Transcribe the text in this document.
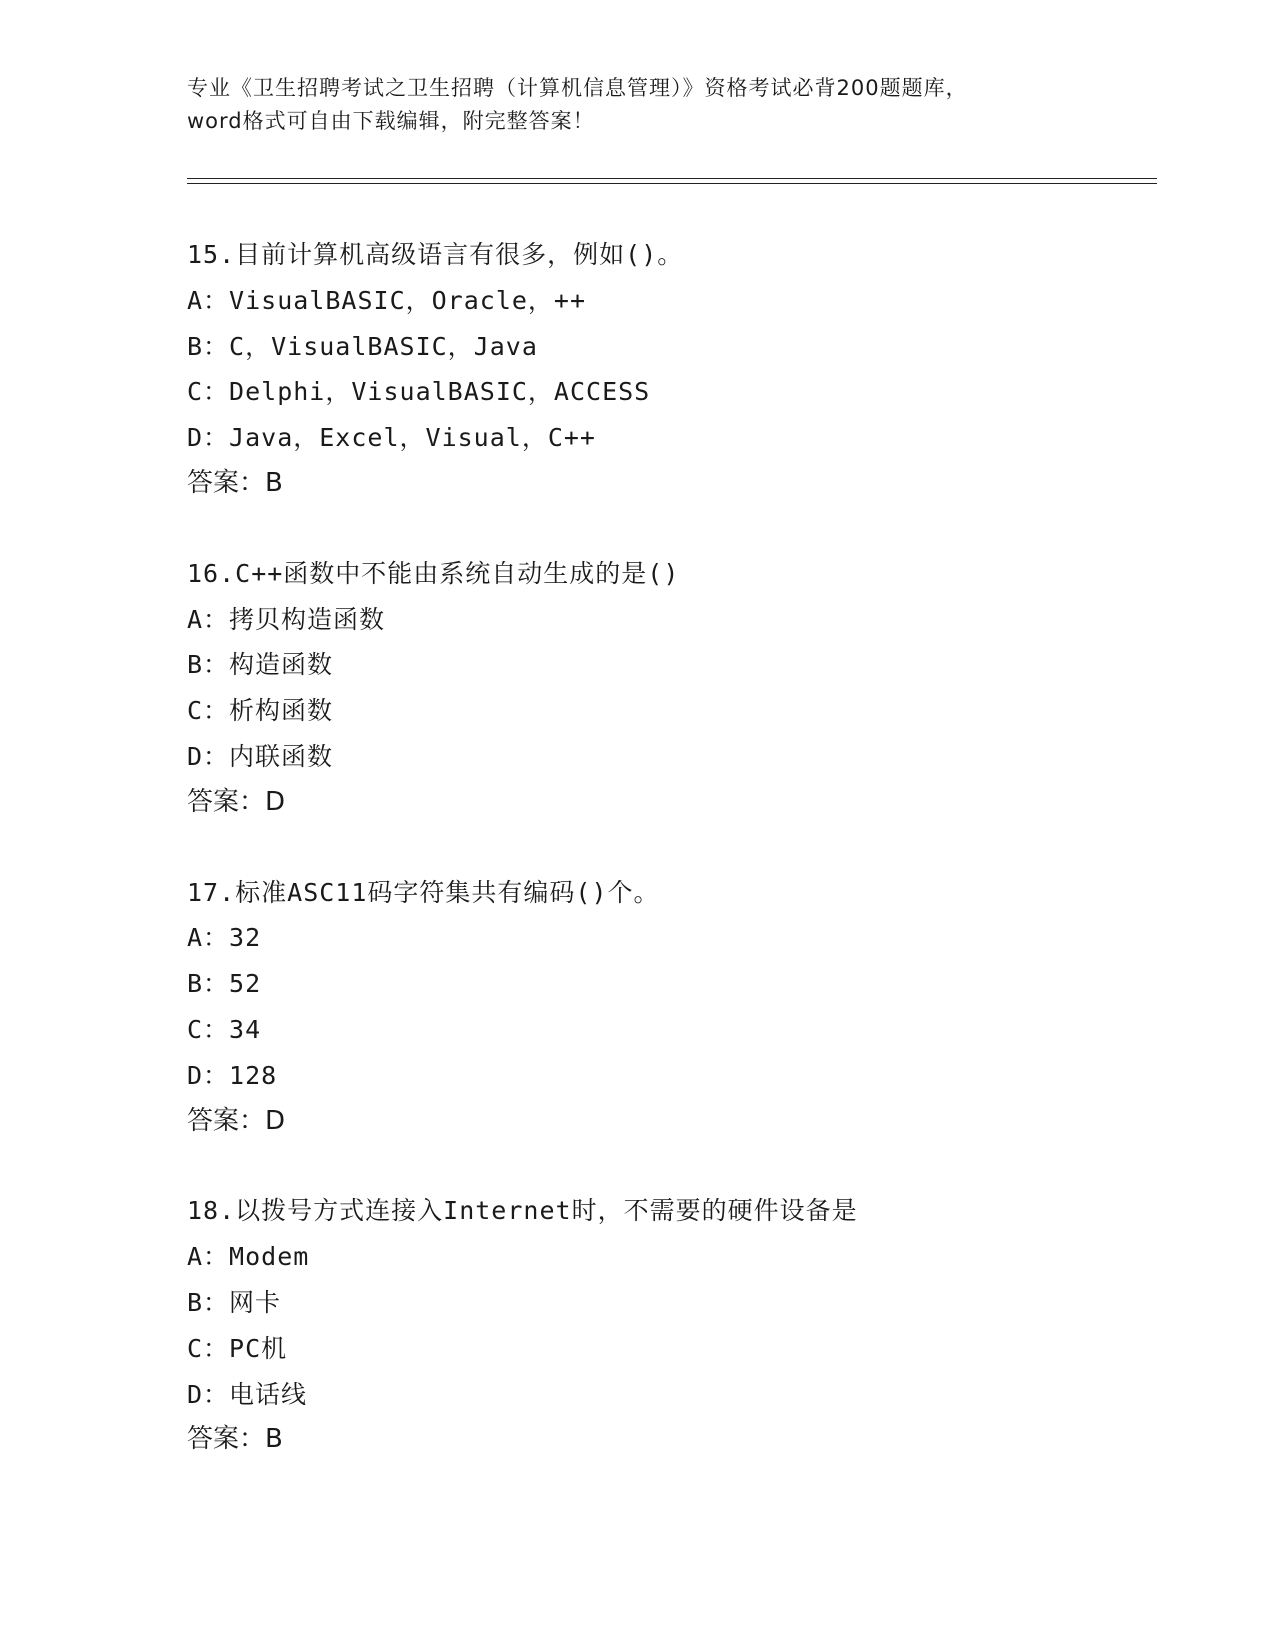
专业《卫生招聘考试之卫生招聘（计算机信息管理）》资格考试必背200题题库，
word格式可自由下载编辑，附完整答案！
15.目前计算机高级语言有很多，例如()。
A：VisualBASIC，Oracle，++
B：C，VisualBASIC，Java
C：Delphi，VisualBASIC，ACCESS
D：Java，Excel，Visual，C++
答案：B
16.C++函数中不能由系统自动生成的是()
A：拷贝构造函数
B：构造函数
C：析构函数
D：内联函数
答案：D
17.标准ASC11码字符集共有编码()个。
A：32
B：52
C：34
D：128
答案：D
18.以拨号方式连接入Internet时，不需要的硬件设备是
A：Modem
B：网卡
C：PC机
D：电话线
答案：B
